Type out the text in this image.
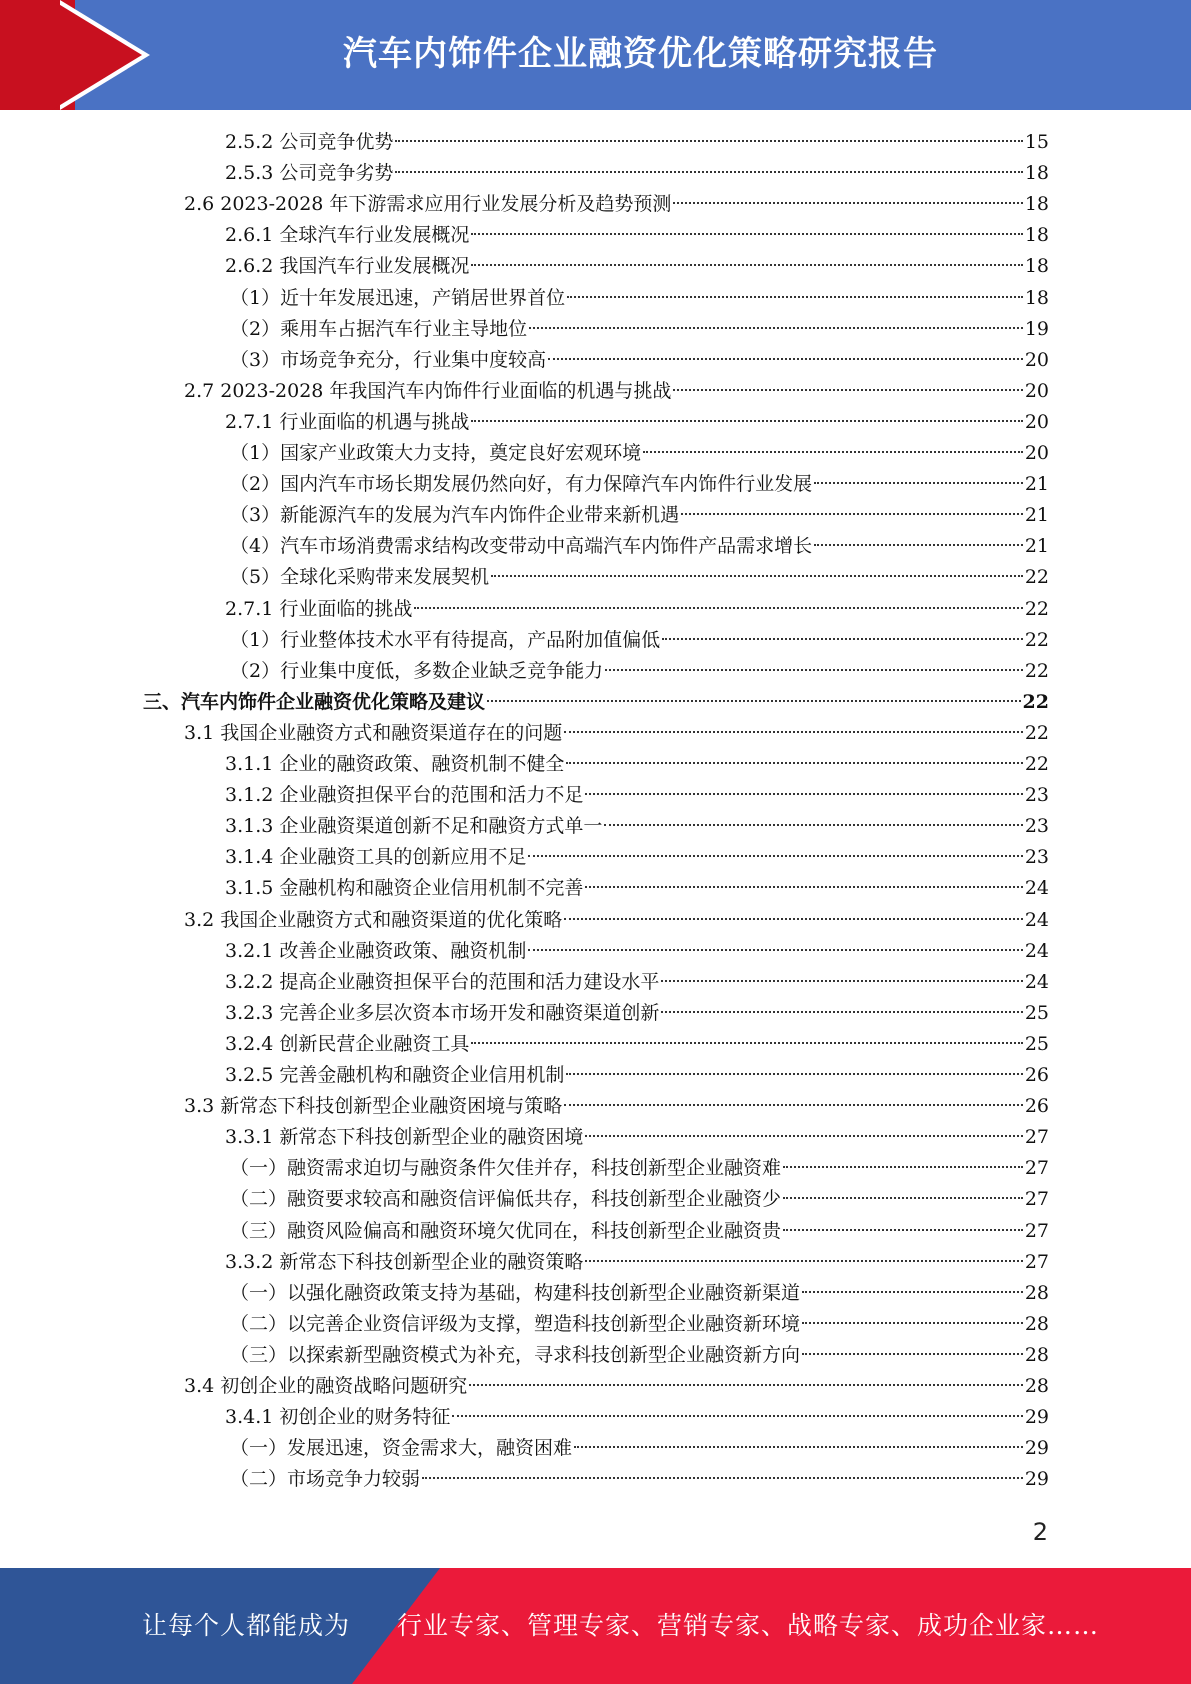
汽车内饰件企业融资优化策略研究报告
2.5.2 公司竞争优势	15
2.5.3 公司竞争劣势	18
2.6 2023-2028 年下游需求应用行业发展分析及趋势预测	18
2.6.1 全球汽车行业发展概况	18
2.6.2 我国汽车行业发展概况	18
（1）近十年发展迅速，产销居世界首位	18
（2）乘用车占据汽车行业主导地位	19
（3）市场竞争充分，行业集中度较高	20
2.7 2023-2028 年我国汽车内饰件行业面临的机遇与挑战	20
2.7.1 行业面临的机遇与挑战	20
（1）国家产业政策大力支持，奠定良好宏观环境	20
（2）国内汽车市场长期发展仍然向好，有力保障汽车内饰件行业发展	21
（3）新能源汽车的发展为汽车内饰件企业带来新机遇	21
（4）汽车市场消费需求结构改变带动中高端汽车内饰件产品需求增长	21
（5）全球化采购带来发展契机	22
2.7.1 行业面临的挑战	22
（1）行业整体技术水平有待提高，产品附加值偏低	22
（2）行业集中度低，多数企业缺乏竞争能力	22
三、汽车内饰件企业融资优化策略及建议	22
3.1 我国企业融资方式和融资渠道存在的问题	22
3.1.1 企业的融资政策、融资机制不健全	22
3.1.2 企业融资担保平台的范围和活力不足	23
3.1.3 企业融资渠道创新不足和融资方式单一	23
3.1.4 企业融资工具的创新应用不足	23
3.1.5 金融机构和融资企业信用机制不完善	24
3.2 我国企业融资方式和融资渠道的优化策略	24
3.2.1 改善企业融资政策、融资机制	24
3.2.2 提高企业融资担保平台的范围和活力建设水平	24
3.2.3 完善企业多层次资本市场开发和融资渠道创新	25
3.2.4 创新民营企业融资工具	25
3.2.5 完善金融机构和融资企业信用机制	26
3.3 新常态下科技创新型企业融资困境与策略	26
3.3.1 新常态下科技创新型企业的融资困境	27
（一）融资需求迫切与融资条件欠佳并存，科技创新型企业融资难	27
（二）融资要求较高和融资信评偏低共存，科技创新型企业融资少	27
（三）融资风险偏高和融资环境欠优同在，科技创新型企业融资贵	27
3.3.2 新常态下科技创新型企业的融资策略	27
（一）以强化融资政策支持为基础，构建科技创新型企业融资新渠道	28
（二）以完善企业资信评级为支撑，塑造科技创新型企业融资新环境	28
（三）以探索新型融资模式为补充，寻求科技创新型企业融资新方向	28
3.4 初创企业的融资战略问题研究	28
3.4.1 初创企业的财务特征	29
（一）发展迅速，资金需求大，融资困难	29
（二）市场竞争力较弱	29
2
让每个人都能成为 行业专家、管理专家、营销专家、战略专家、成功企业家……
